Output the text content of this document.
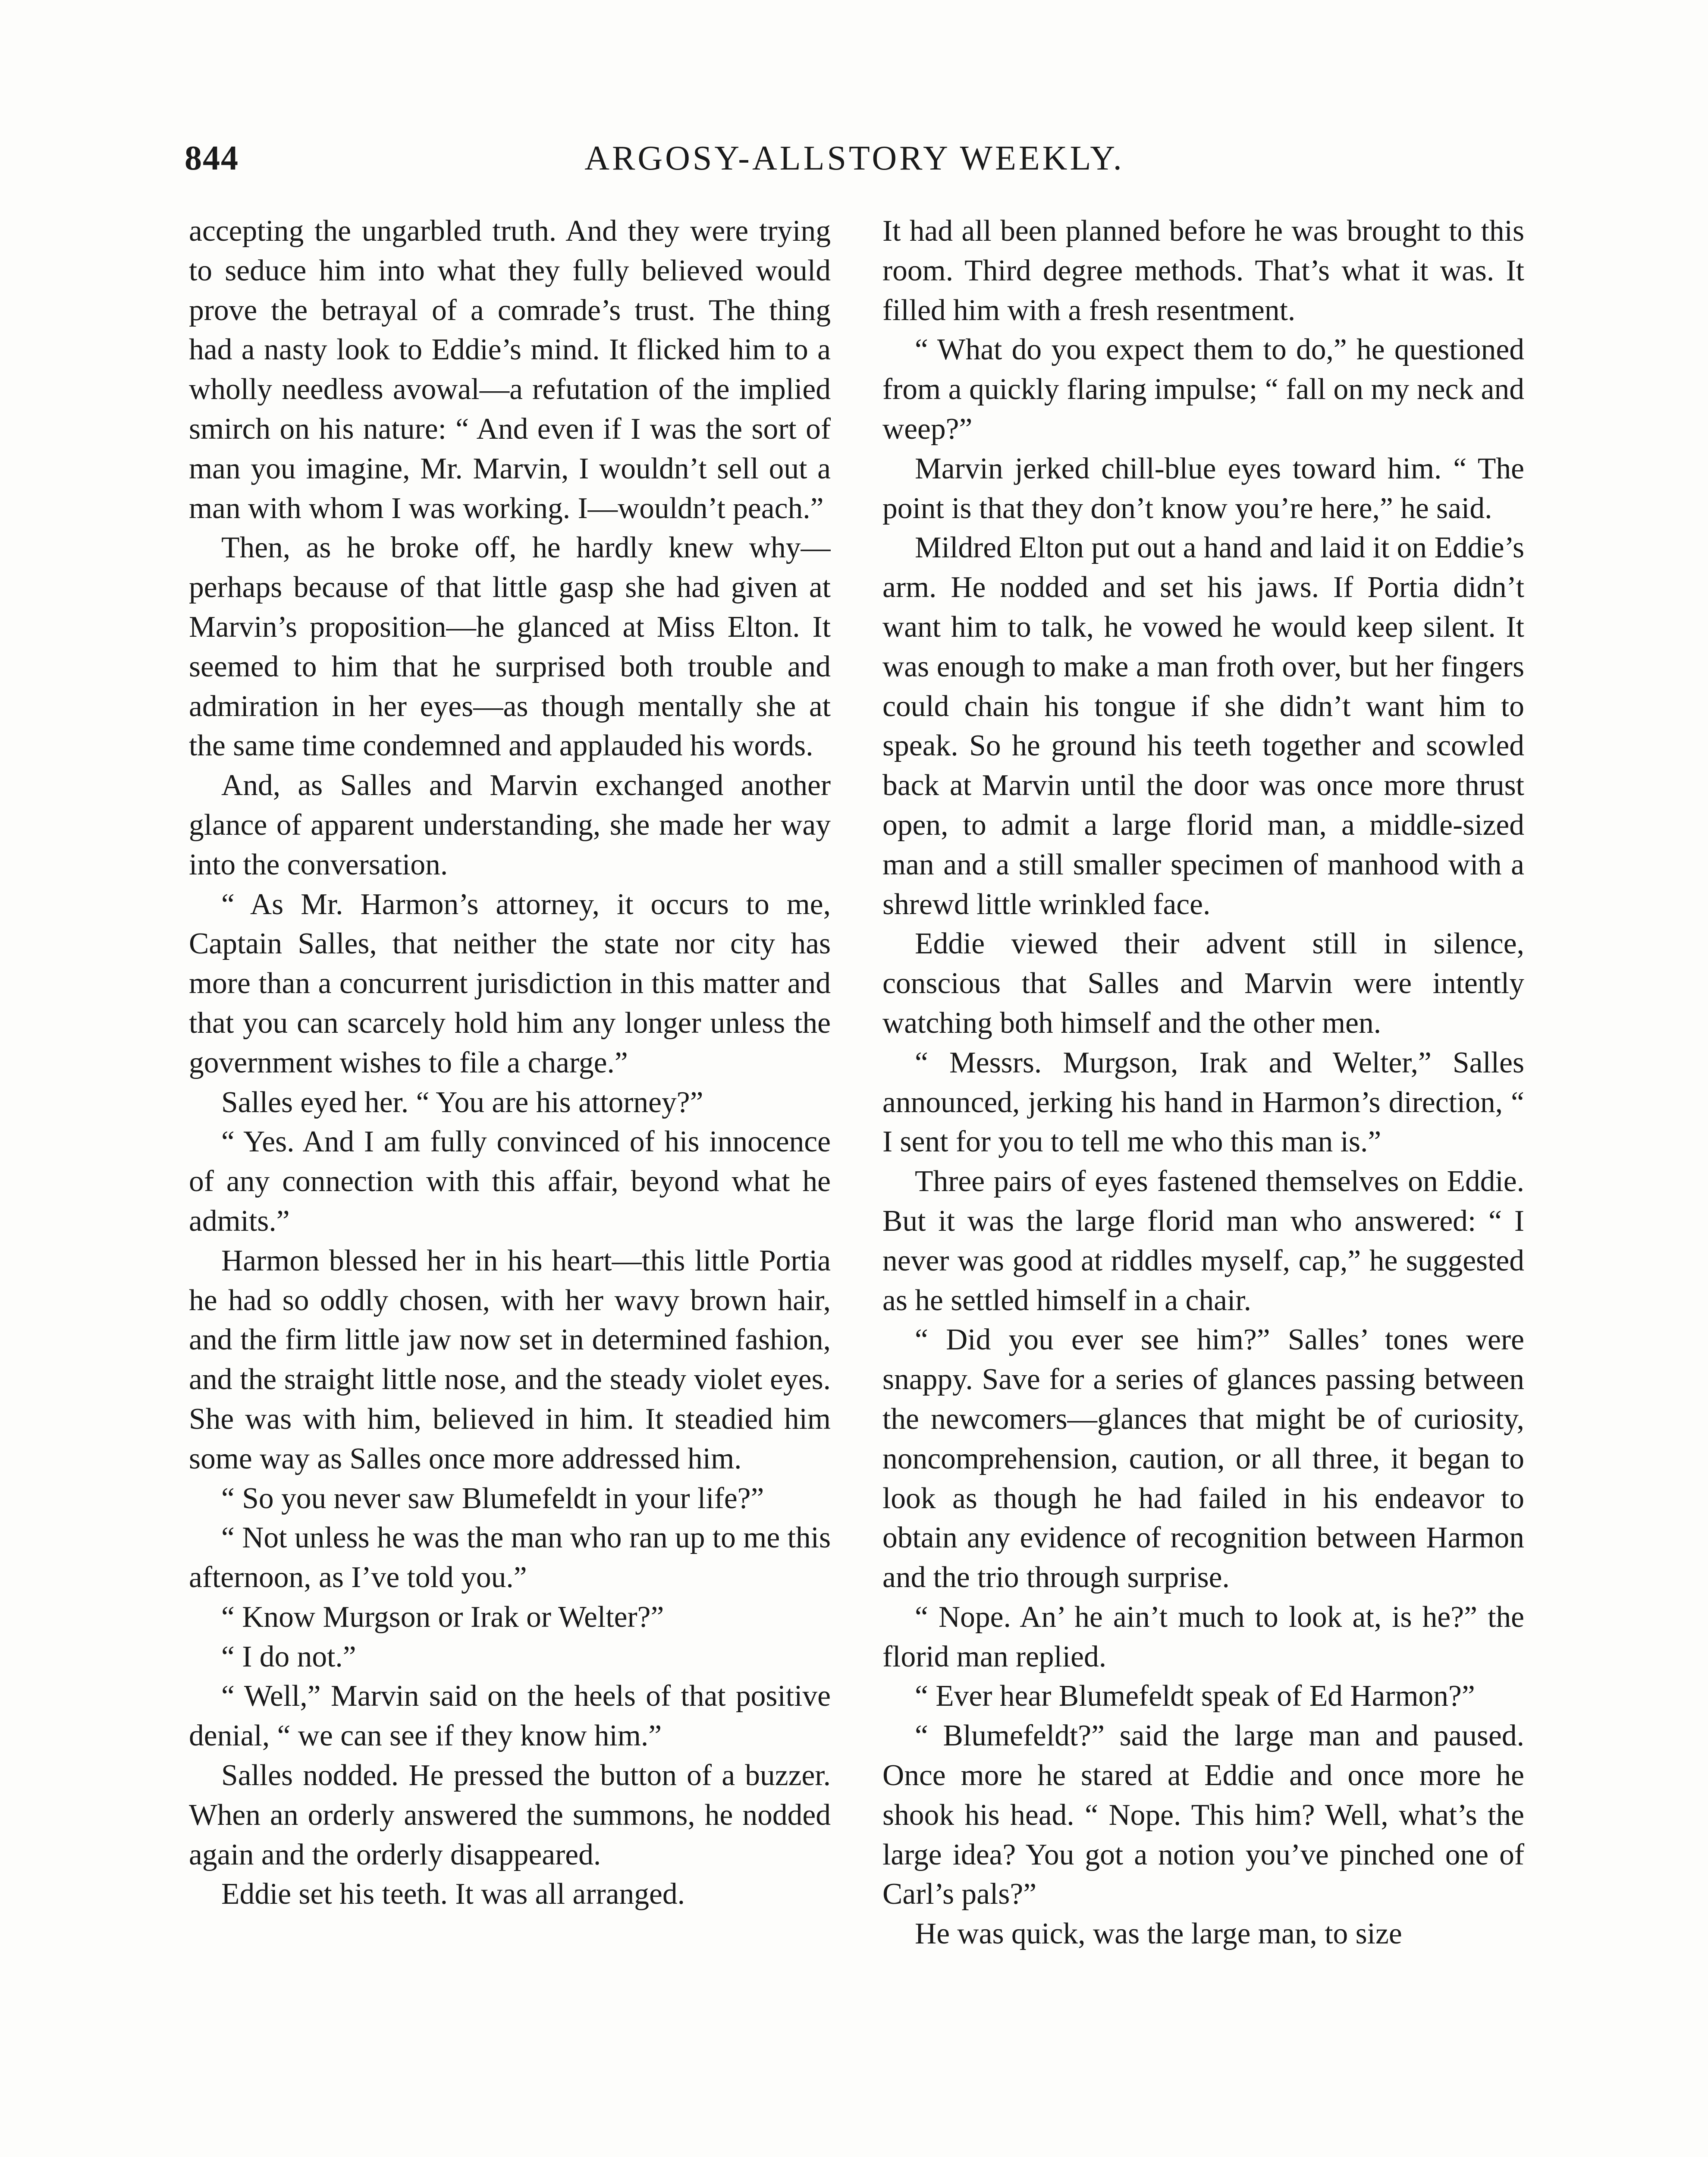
844	ARGOSY-ALLSTORY WEEKLY.

accepting the ungarbled truth. And they were trying to seduce him into what they fully believed would prove the betrayal of a comrade’s trust. The thing had a nasty look to Eddie’s mind. It flicked him to a wholly needless avowal—a refutation of the implied smirch on his nature: “ And even if I was the sort of man you imagine, Mr. Marvin, I wouldn’t sell out a man with whom I was working. I—wouldn’t peach.”

Then, as he broke off, he hardly knew why—perhaps because of that little gasp she had given at Marvin’s proposition—he glanced at Miss Elton. It seemed to him that he surprised both trouble and admiration in her eyes—as though mentally she at the same time condemned and applauded his words.

And, as Salles and Marvin exchanged another glance of apparent understanding, she made her way into the conversation.

“ As Mr. Harmon’s attorney, it occurs to me, Captain Salles, that neither the state nor city has more than a concurrent jurisdiction in this matter and that you can scarcely hold him any longer unless the government wishes to file a charge.”

Salles eyed her. “ You are his attorney?”

“ Yes. And I am fully convinced of his innocence of any connection with this affair, beyond what he admits.”

Harmon blessed her in his heart—this little Portia he had so oddly chosen, with her wavy brown hair, and the firm little jaw now set in determined fashion, and the straight little nose, and the steady violet eyes. She was with him, believed in him. It steadied him some way as Salles once more addressed him.

“ So you never saw Blumefeldt in your life?”

“ Not unless he was the man who ran up to me this afternoon, as I’ve told you.”

“ Know Murgson or Irak or Welter?”

“ I do not.”

“ Well,” Marvin said on the heels of that positive denial, “ we can see if they know him.”

Salles nodded. He pressed the button of a buzzer. When an orderly answered the summons, he nodded again and the orderly disappeared.

Eddie set his teeth. It was all arranged.

It had all been planned before he was brought to this room. Third degree methods. That’s what it was. It filled him with a fresh resentment.

“ What do you expect them to do,” he questioned from a quickly flaring impulse; “ fall on my neck and weep?”

Marvin jerked chill-blue eyes toward him. “ The point is that they don’t know you’re here,” he said.

Mildred Elton put out a hand and laid it on Eddie’s arm. He nodded and set his jaws. If Portia didn’t want him to talk, he vowed he would keep silent. It was enough to make a man froth over, but her fingers could chain his tongue if she didn’t want him to speak. So he ground his teeth together and scowled back at Marvin until the door was once more thrust open, to admit a large florid man, a middle-sized man and a still smaller specimen of manhood with a shrewd little wrinkled face.

Eddie viewed their advent still in silence, conscious that Salles and Marvin were intently watching both himself and the other men.

“ Messrs. Murgson, Irak and Welter,” Salles announced, jerking his hand in Harmon’s direction, “ I sent for you to tell me who this man is.”

Three pairs of eyes fastened themselves on Eddie. But it was the large florid man who answered: “ I never was good at riddles myself, cap,” he suggested as he settled himself in a chair.

“ Did you ever see him?” Salles’ tones were snappy. Save for a series of glances passing between the newcomers—glances that might be of curiosity, noncomprehension, caution, or all three, it began to look as though he had failed in his endeavor to obtain any evidence of recognition between Harmon and the trio through surprise.

“ Nope. An’ he ain’t much to look at, is he?” the florid man replied.

“ Ever hear Blumefeldt speak of Ed Harmon?”

“ Blumefeldt?” said the large man and paused. Once more he stared at Eddie and once more he shook his head. “ Nope. This him? Well, what’s the large idea? You got a notion you’ve pinched one of Carl’s pals?”

He was quick, was the large man, to size
